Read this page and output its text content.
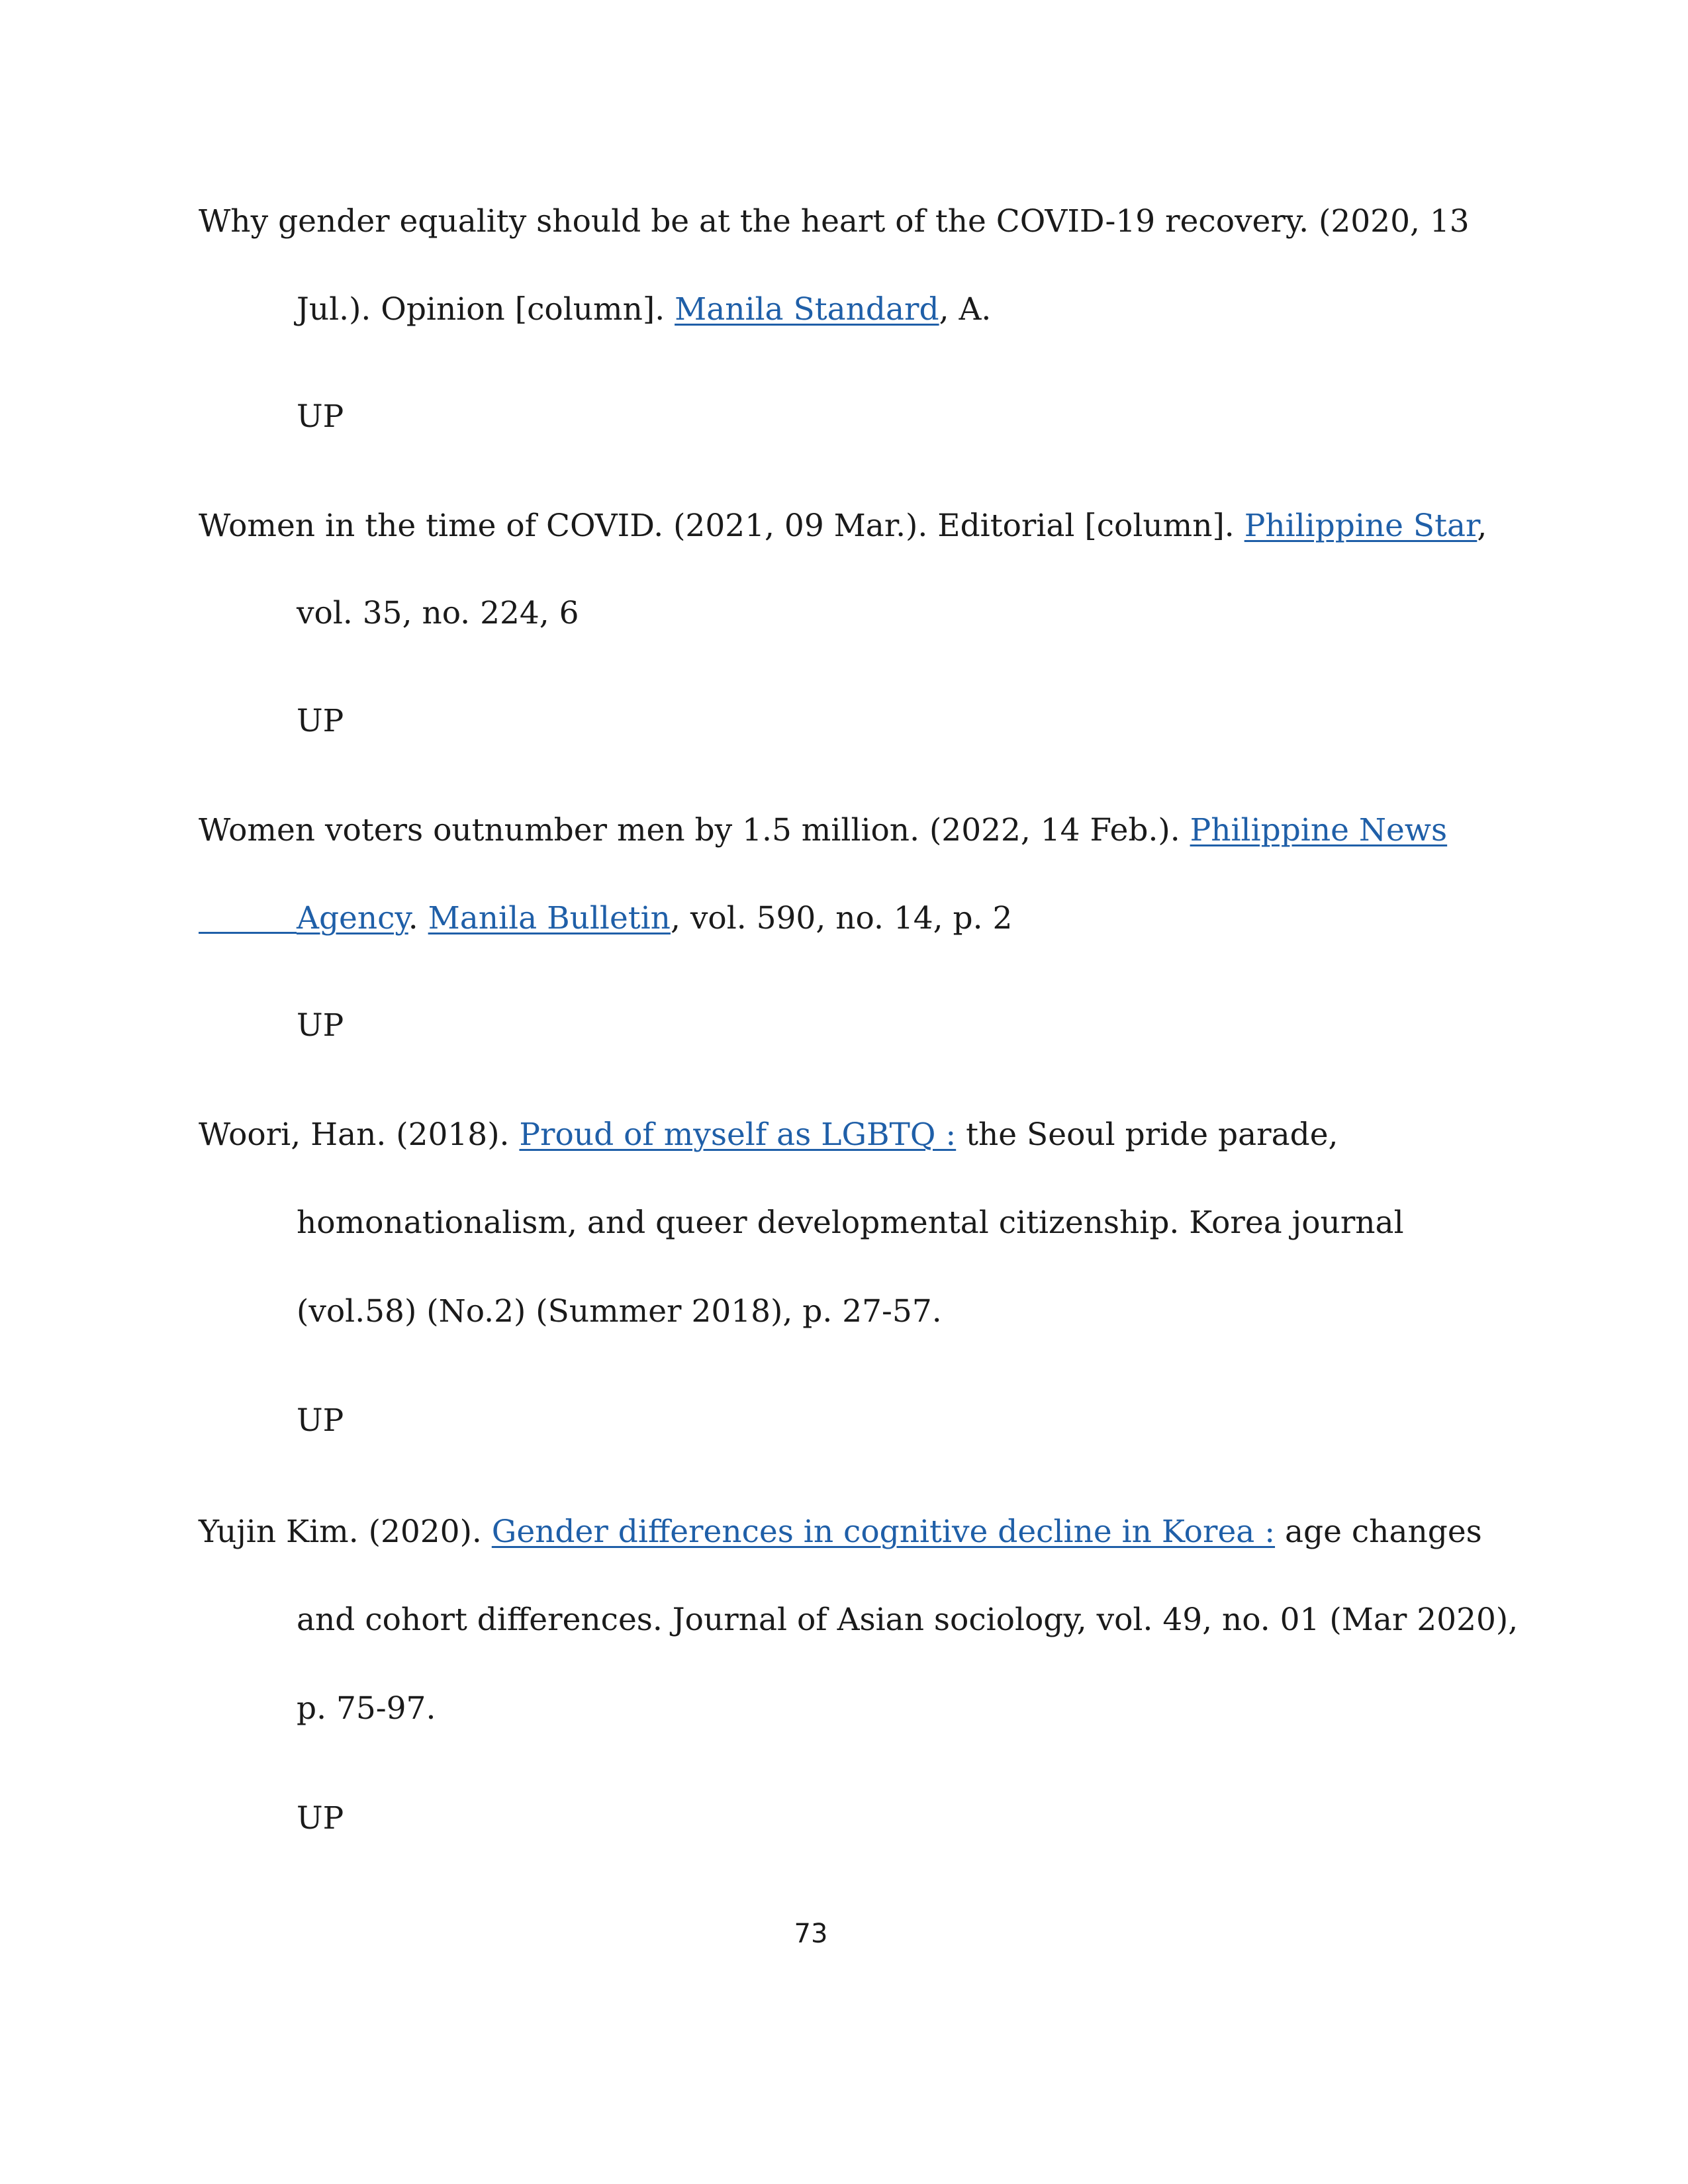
Why gender equality should be at the heart of the COVID-19 recovery. (2020, 13
Jul.). Opinion [column]. Manila Standard, A.
UP
Women in the time of COVID. (2021, 09 Mar.). Editorial [column]. Philippine Star,
vol. 35, no. 224, 6
UP
Women voters outnumber men by 1.5 million. (2022, 14 Feb.). Philippine News
Agency. Manila Bulletin, vol. 590, no. 14, p. 2
UP
Woori, Han. (2018). Proud of myself as LGBTQ : the Seoul pride parade,
homonationalism, and queer developmental citizenship. Korea journal
(vol.58) (No.2) (Summer 2018), p. 27-57.
UP
Yujin Kim. (2020). Gender differences in cognitive decline in Korea : age changes
and cohort differences. Journal of Asian sociology, vol. 49, no. 01 (Mar 2020),
p. 75-97.
UP
73
